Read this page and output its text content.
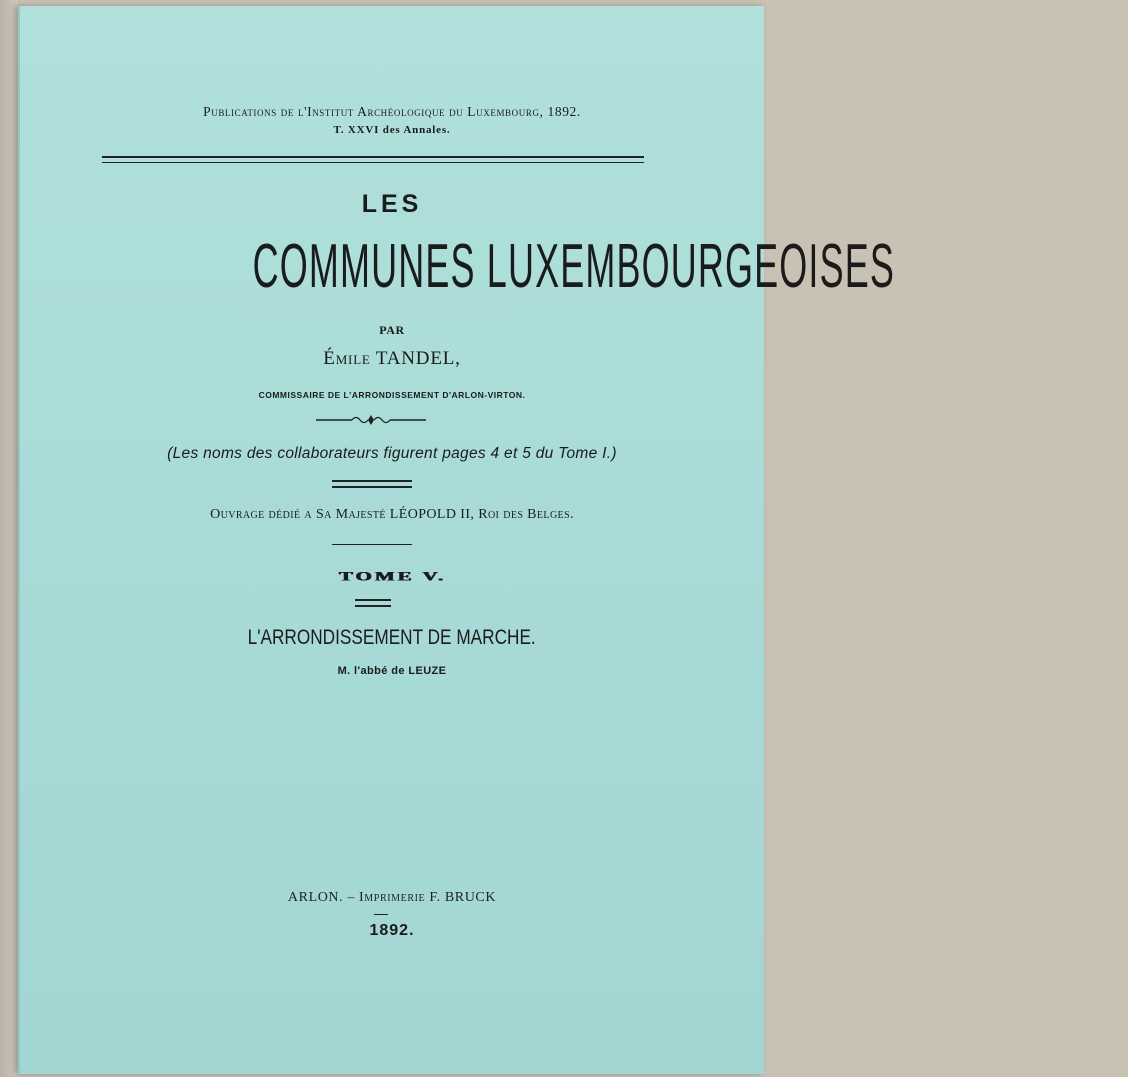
Publications de l'Institut Archéologique du Luxembourg, 1892.
T. XXVI des Annales.
LES
COMMUNES LUXEMBOURGEOISES
PAR
Émile TANDEL,
COMMISSAIRE DE L'ARRONDISSEMENT D'ARLON-VIRTON.
(Les noms des collaborateurs figurent pages 4 et 5 du Tome I.)
Ouvrage dédié a Sa Majesté LÉOPOLD II, Roi des Belges.
TOME V.
L'ARRONDISSEMENT DE MARCHE.
M. l'abbé de LEUZE
ARLON. – Imprimerie F. BRUCK
1892.
